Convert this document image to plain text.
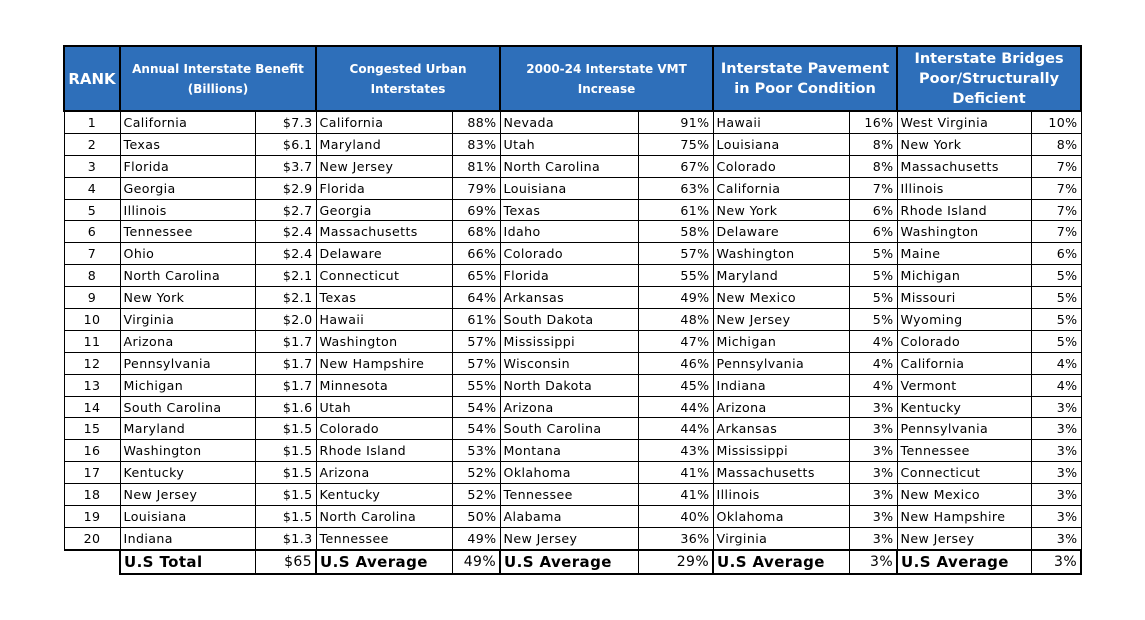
RANK	Annual Interstate Benefit (Billions)		Congested Urban Interstates		2000-24 Interstate VMT Increase		Interstate Pavement in Poor Condition		Interstate Bridges Poor/Structurally Deficient	
1	California	$7.3	California	88%	Nevada	91%	Hawaii	16%	West Virginia	10%
2	Texas	$6.1	Maryland	83%	Utah	75%	Louisiana	8%	New York	8%
3	Florida	$3.7	New Jersey	81%	North Carolina	67%	Colorado	8%	Massachusetts	7%
4	Georgia	$2.9	Florida	79%	Louisiana	63%	California	7%	Illinois	7%
5	Illinois	$2.7	Georgia	69%	Texas	61%	New York	6%	Rhode Island	7%
6	Tennessee	$2.4	Massachusetts	68%	Idaho	58%	Delaware	6%	Washington	7%
7	Ohio	$2.4	Delaware	66%	Colorado	57%	Washington	5%	Maine	6%
8	North Carolina	$2.1	Connecticut	65%	Florida	55%	Maryland	5%	Michigan	5%
9	New York	$2.1	Texas	64%	Arkansas	49%	New Mexico	5%	Missouri	5%
10	Virginia	$2.0	Hawaii	61%	South Dakota	48%	New Jersey	5%	Wyoming	5%
11	Arizona	$1.7	Washington	57%	Mississippi	47%	Michigan	4%	Colorado	5%
12	Pennsylvania	$1.7	New Hampshire	57%	Wisconsin	46%	Pennsylvania	4%	California	4%
13	Michigan	$1.7	Minnesota	55%	North Dakota	45%	Indiana	4%	Vermont	4%
14	South Carolina	$1.6	Utah	54%	Arizona	44%	Arizona	3%	Kentucky	3%
15	Maryland	$1.5	Colorado	54%	South Carolina	44%	Arkansas	3%	Pennsylvania	3%
16	Washington	$1.5	Rhode Island	53%	Montana	43%	Mississippi	3%	Tennessee	3%
17	Kentucky	$1.5	Arizona	52%	Oklahoma	41%	Massachusetts	3%	Connecticut	3%
18	New Jersey	$1.5	Kentucky	52%	Tennessee	41%	Illinois	3%	New Mexico	3%
19	Louisiana	$1.5	North Carolina	50%	Alabama	40%	Oklahoma	3%	New Hampshire	3%
20	Indiana	$1.3	Tennessee	49%	New Jersey	36%	Virginia	3%	New Jersey	3%
	U.S Total	$65	U.S Average	49%	U.S Average	29%	U.S Average	3%	U.S Average	3%
